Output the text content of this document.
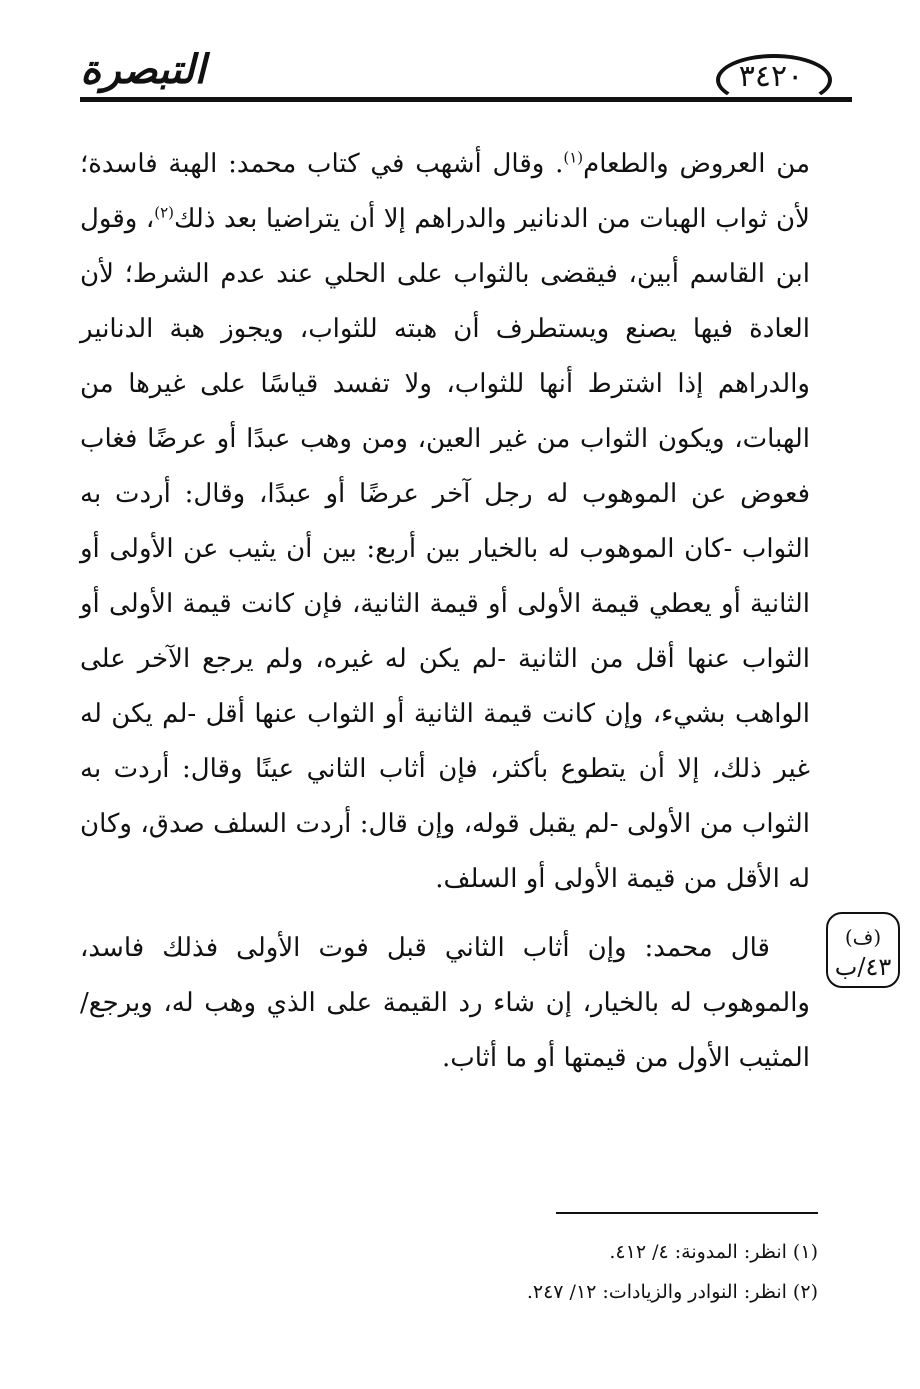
التبصرة	٣٤٢٠

من العروض والطعام$^{(١)}$. وقال أشهب في كتاب محمد: الهبة فاسدة؛ لأن ثواب الهبات من الدنانير والدراهم إلا أن يتراضيا بعد ذلك$^{(٢)}$، وقول ابن القاسم أبين، فيقضى بالثواب على الحلي عند عدم الشرط؛ لأن العادة فيها يصنع ويستطرف أن هبته للثواب، ويجوز هبة الدنانير والدراهم إذا اشترط أنها للثواب، ولا تفسد قياسًا على غيرها من الهبات، ويكون الثواب من غير العين، ومن وهب عبدًا أو عرضًا فغاب فعوض عن الموهوب له رجل آخر عرضًا أو عبدًا، وقال: أردت به الثواب -كان الموهوب له بالخيار بين أربع: بين أن يثيب عن الأولى أو الثانية أو يعطي قيمة الأولى أو قيمة الثانية، فإن كانت قيمة الأولى أو الثواب عنها أقل من الثانية -لم يكن له غيره، ولم يرجع الآخر على الواهب بشيء، وإن كانت قيمة الثانية أو الثواب عنها أقل -لم يكن له غير ذلك، إلا أن يتطوع بأكثر، فإن أثاب الثاني عينًا وقال: أردت به الثواب من الأولى -لم يقبل قوله، وإن قال: أردت السلف صدق، وكان له الأقل من قيمة الأولى أو السلف.

قال محمد: وإن أثاب الثاني قبل فوت الأولى فذلك فاسد، والموهوب له بالخيار، إن شاء رد القيمة على الذي وهب له، ويرجع/ المثيب الأول من قيمتها أو ما أثاب.

(ف)
٤٣/ب
(١) انظر: المدونة: ٤/ ٤١٢.
(٢) انظر: النوادر والزيادات: ١٢/ ٢٤٧.
